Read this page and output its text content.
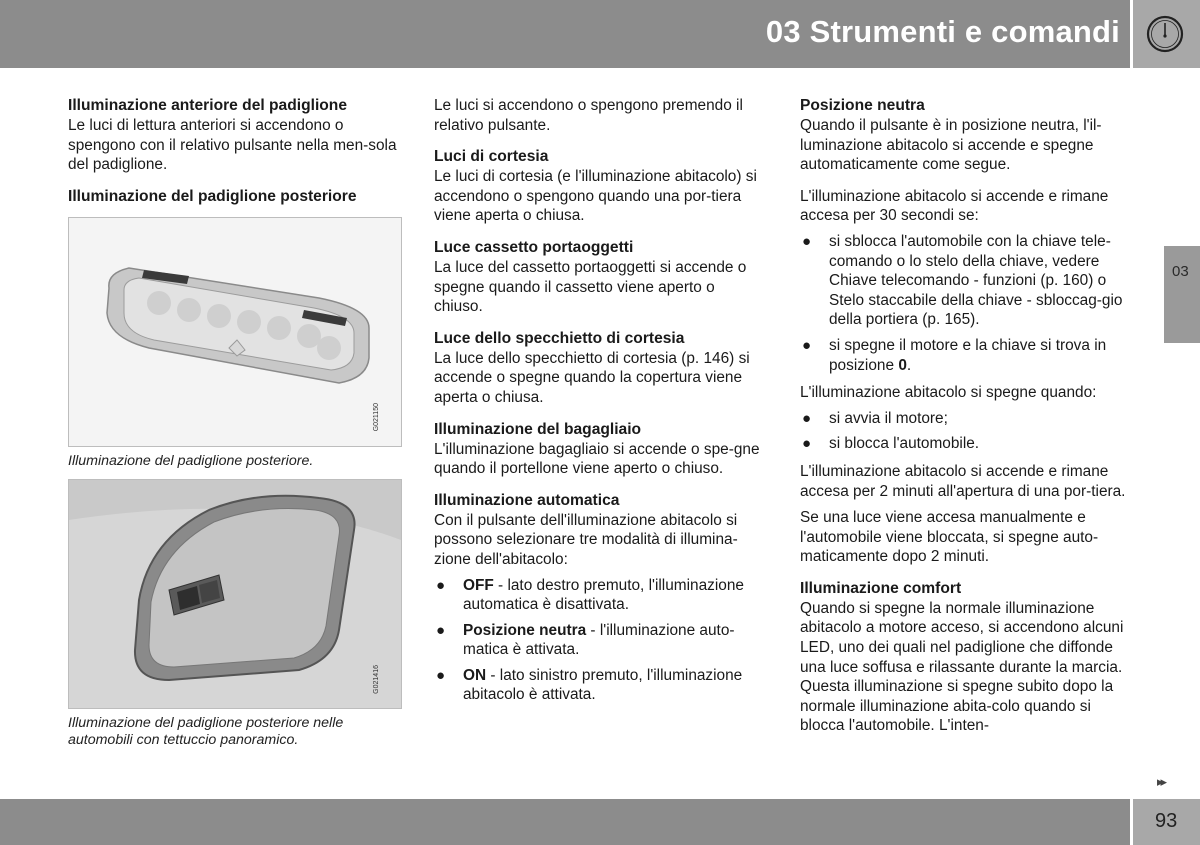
03 Strumenti e comandi
03
Illuminazione anteriore del padiglione

Le luci di lettura anteriori si accendono o spengono con il relativo pulsante nella men-sola del padiglione.

Illuminazione del padiglione posteriore
G021150
Illuminazione del padiglione posteriore.
G021416
Illuminazione del padiglione posteriore nelle automobili con tettuccio panoramico.

Le luci si accendono o spengono premendo il relativo pulsante.

Luci di cortesia

Le luci di cortesia (e l'illuminazione abitacolo) si accendono o spengono quando una por-tiera viene aperta o chiusa.

Luce cassetto portaoggetti

La luce del cassetto portaoggetti si accende o spegne quando il cassetto viene aperto o chiuso.

Luce dello specchietto di cortesia

La luce dello specchietto di cortesia (p. 146) si accende o spegne quando la copertura viene aperta o chiusa.

Illuminazione del bagagliaio

L'illuminazione bagagliaio si accende o spe-gne quando il portellone viene aperto o chiuso.

Illuminazione automatica

Con il pulsante dell'illuminazione abitacolo si possono selezionare tre modalità di illumina-zione dell'abitacolo:

● OFF - lato destro premuto, l'illuminazione automatica è disattivata.
● Posizione neutra - l'illuminazione auto-matica è attivata.
● ON - lato sinistro premuto, l'illuminazione abitacolo è attivata.
Posizione neutra

Quando il pulsante è in posizione neutra, l'il-luminazione abitacolo si accende e spegne automaticamente come segue.

L'illuminazione abitacolo si accende e rimane accesa per 30 secondi se:

● si sblocca l'automobile con la chiave tele-comando o lo stelo della chiave, vedere Chiave telecomando - funzioni (p. 160) o Stelo staccabile della chiave - sbloccag-gio della portiera (p. 165).
● si spegne il motore e la chiave si trova in posizione 0.

L'illuminazione abitacolo si spegne quando:

● si avvia il motore;
● si blocca l'automobile.

L'illuminazione abitacolo si accende e rimane accesa per 2 minuti all'apertura di una por-tiera.

Se una luce viene accesa manualmente e l'automobile viene bloccata, si spegne auto-maticamente dopo 2 minuti.

Illuminazione comfort

Quando si spegne la normale illuminazione abitacolo a motore acceso, si accendono alcuni LED, uno dei quali nel padiglione che diffonde una luce soffusa e rilassante durante la marcia. Questa illuminazione si spegne subito dopo la normale illuminazione abita-colo quando si blocca l'automobile. L'inten-

▸▸
93
